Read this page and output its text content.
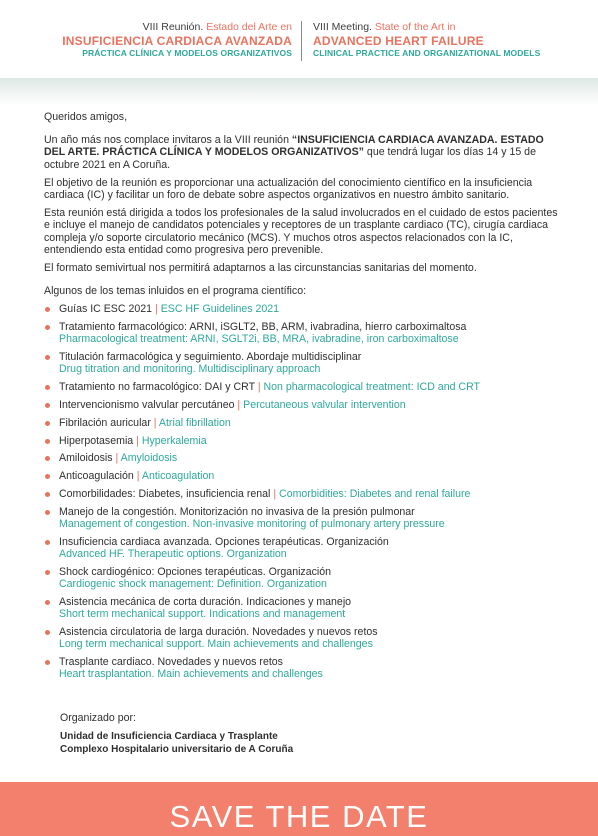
VIII Reunión. Estado del Arte en
INSUFICIENCIA CARDIACA AVANZADA
PRÁCTICA CLÍNICA Y MODELOS ORGANIZATIVOS
VIII Meeting. State of the Art in
ADVANCED HEART FAILURE
CLINICAL PRACTICE AND ORGANIZATIONAL MODELS

Queridos amigos,

Un año más nos complace invitaros a la VIII reunión “INSUFICIENCIA CARDIACA AVANZADA. ESTADO DEL ARTE. PRÁCTICA CLÍNICA Y MODELOS ORGANIZATIVOS” que tendrá lugar los días 14 y 15 de octubre 2021 en A Coruña.

El objetivo de la reunión es proporcionar una actualización del conocimiento científico en la insuficiencia cardiaca (IC) y facilitar un foro de debate sobre aspectos organizativos en nuestro ámbito sanitario.

Esta reunión está dirigida a todos los profesionales de la salud involucrados en el cuidado de estos pacientes e incluye el manejo de candidatos potenciales y receptores de un trasplante cardiaco (TC), cirugía cardiaca compleja y/o soporte circulatorio mecánico (MCS). Y muchos otros aspectos relacionados con la IC, entendiendo esta entidad como progresiva pero prevenible.

El formato semivirtual nos permitirá adaptarnos a las circunstancias sanitarias del momento.

Algunos de los temas inluidos en el programa científico:

Guías IC ESC 2021 | ESC HF Guidelines 2021
Tratamiento farmacológico: ARNI, iSGLT2, BB, ARM, ivabradina, hierro carboximaltosa
Pharmacological treatment: ARNI, SGLT2i, BB, MRA, ivabradine, iron carboximaltose
Titulación farmacológica y seguimiento. Abordaje multidisciplinar
Drug titration and monitoring. Multidisciplinary approach
Tratamiento no farmacológico: DAI y CRT | Non pharmacological treatment: ICD and CRT
Intervencionismo valvular percutáneo | Percutaneous valvular intervention
Fibrilación auricular | Atrial fibrillation
Hiperpotasemia | Hyperkalemia
Amiloidosis | Amyloidosis
Anticoagulación | Anticoagulation
Comorbilidades: Diabetes, insuficiencia renal | Comorbidities: Diabetes and renal failure
Manejo de la congestión. Monitorización no invasiva de la presión pulmonar
Management of congestion. Non-invasive monitoring of pulmonary artery pressure
Insuficiencia cardiaca avanzada. Opciones terapéuticas. Organización
Advanced HF. Therapeutic options. Organization
Shock cardiogénico: Opciones terapéuticas. Organización
Cardiogenic shock management: Definition. Organization
Asistencia mecánica de corta duración. Indicaciones y manejo
Short term mechanical support. Indications and management
Asistencia circulatoria de larga duración. Novedades y nuevos retos
Long term mechanical support. Main achievements and challenges
Trasplante cardiaco. Novedades y nuevos retos
Heart trasplantation. Main achievements and challenges
Organizado por:
Unidad de Insuficiencia Cardiaca y Trasplante
Complexo Hospitalario universitario de A Coruña
SAVE THE DATE
